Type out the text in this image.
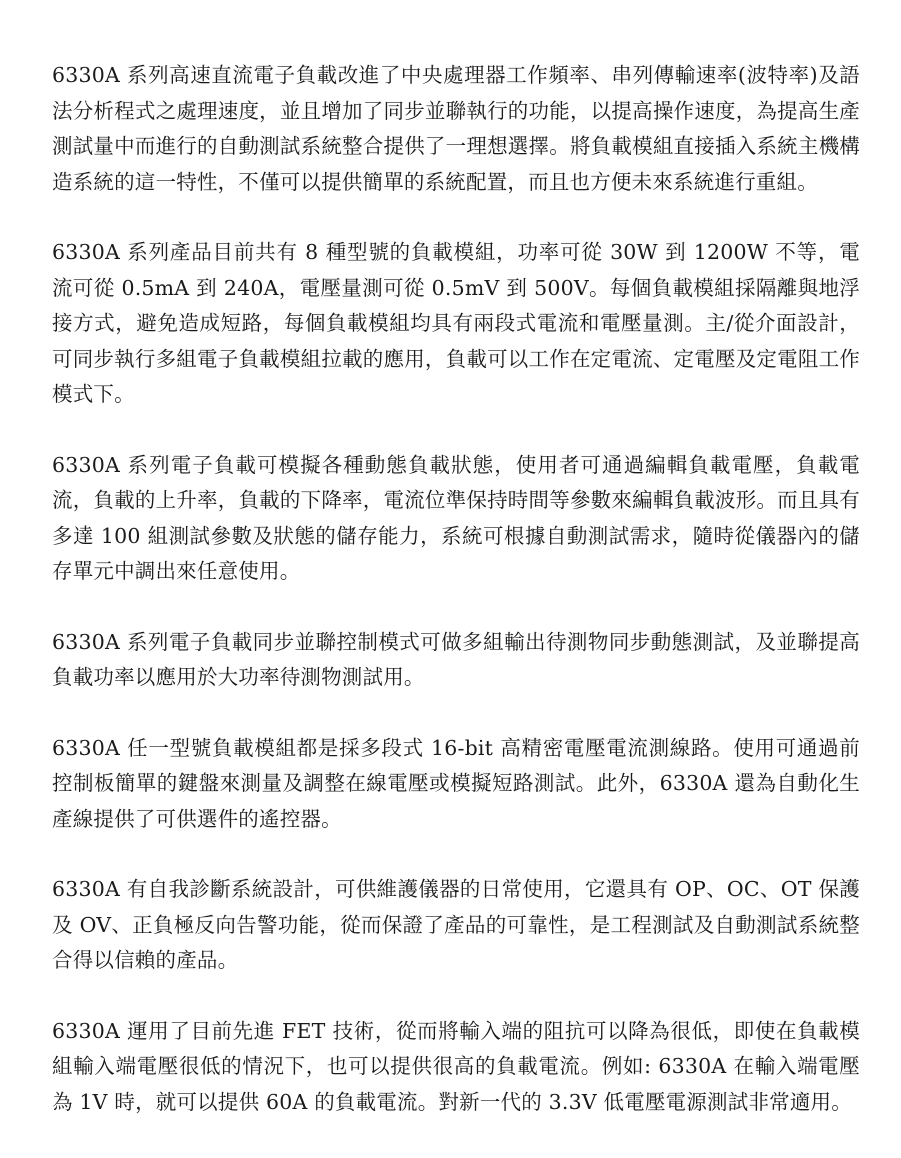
6330A 系列高速直流電子負載改進了中央處理器工作頻率、串列傳輸速率(波特率)及語法分析程式之處理速度，並且增加了同步並聯執行的功能，以提高操作速度，為提高生產測試量中而進行的自動測試系統整合提供了一理想選擇。將負載模組直接插入系統主機構造系統的這一特性，不僅可以提供簡單的系統配置，而且也方便未來系統進行重組。

6330A 系列產品目前共有 8 種型號的負載模組，功率可從 30W 到 1200W 不等，電流可從 0.5mA 到 240A，電壓量測可從 0.5mV 到 500V。每個負載模組採隔離與地浮接方式，避免造成短路，每個負載模組均具有兩段式電流和電壓量測。主/從介面設計，可同步執行多組電子負載模組拉載的應用，負載可以工作在定電流、定電壓及定電阻工作模式下。

6330A 系列電子負載可模擬各種動態負載狀態，使用者可通過編輯負載電壓，負載電流，負載的上升率，負載的下降率，電流位準保持時間等參數來編輯負載波形。而且具有多達 100 組測試參數及狀態的儲存能力，系統可根據自動測試需求，隨時從儀器內的儲存單元中調出來任意使用。

6330A 系列電子負載同步並聯控制模式可做多組輸出待測物同步動態測試，及並聯提高負載功率以應用於大功率待測物測試用。

6330A 任一型號負載模組都是採多段式 16-bit 高精密電壓電流測線路。使用可通過前控制板簡單的鍵盤來測量及調整在線電壓或模擬短路測試。此外，6330A 還為自動化生產線提供了可供選件的遙控器。

6330A 有自我診斷系統設計，可供維護儀器的日常使用，它還具有 OP、OC、OT 保護及 OV、正負極反向告警功能，從而保證了產品的可靠性，是工程測試及自動測試系統整合得以信賴的產品。

6330A 運用了目前先進 FET 技術，從而將輸入端的阻抗可以降為很低，即使在負載模組輸入端電壓很低的情況下，也可以提供很高的負載電流。例如: 6330A 在輸入端電壓為 1V 時，就可以提供 60A 的負載電流。對新一代的 3.3V 低電壓電源測試非常適用。
